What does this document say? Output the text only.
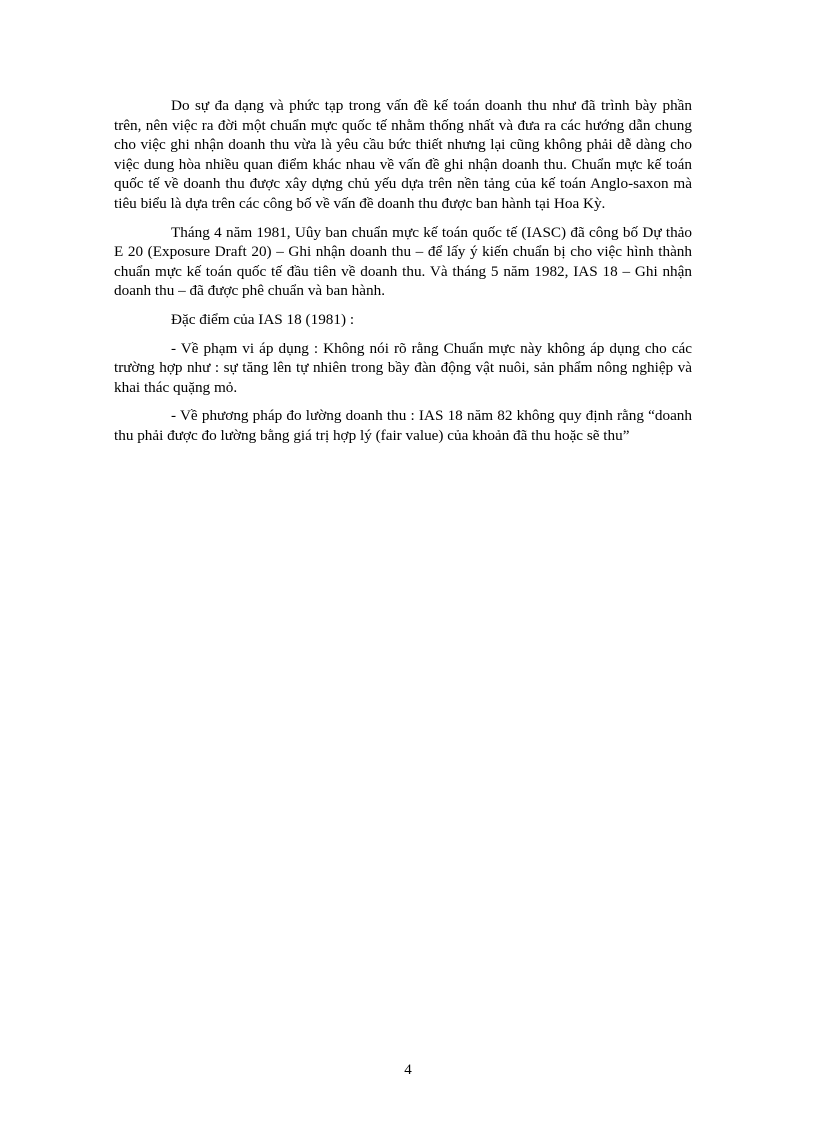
Do sự đa dạng và phức tạp trong vấn đề kế toán doanh thu như đã trình bày phần trên, nên việc ra đời một chuẩn mực quốc tế nhằm thống nhất và đưa ra các hướng dẫn chung cho việc ghi nhận doanh thu vừa là yêu cầu bức thiết nhưng lại cũng không phải dễ dàng cho việc dung hòa nhiều quan điểm khác nhau về vấn đề ghi nhận doanh thu. Chuẩn mực kế toán quốc tế về doanh thu được xây dựng chủ yếu dựa trên nền tảng của kế toán Anglo-saxon mà tiêu biểu là dựa trên các công bố về vấn đề doanh thu được ban hành tại Hoa Kỳ.

Tháng 4 năm 1981, Uûy ban chuẩn mực kế toán quốc tế (IASC) đã công bố Dự thảo E 20 (Exposure Draft 20) – Ghi nhận doanh thu – để lấy ý kiến chuẩn bị cho việc hình thành chuẩn mực kế toán quốc tế đầu tiên về doanh thu. Và tháng 5 năm 1982, IAS 18 – Ghi nhận doanh thu – đã được phê chuẩn và ban hành.

Đặc điểm của IAS 18 (1981) :

- Về phạm vi áp dụng : Không nói rõ rằng Chuẩn mực này không áp dụng cho các trường hợp như : sự tăng lên tự nhiên trong bầy đàn động vật nuôi, sản phẩm nông nghiệp và khai thác quặng mỏ.

- Về phương pháp đo lường doanh thu : IAS 18 năm 82 không quy định rằng “doanh thu phải được đo lường bằng giá trị hợp lý (fair value) của khoản đã thu hoặc sẽ thu”

4
